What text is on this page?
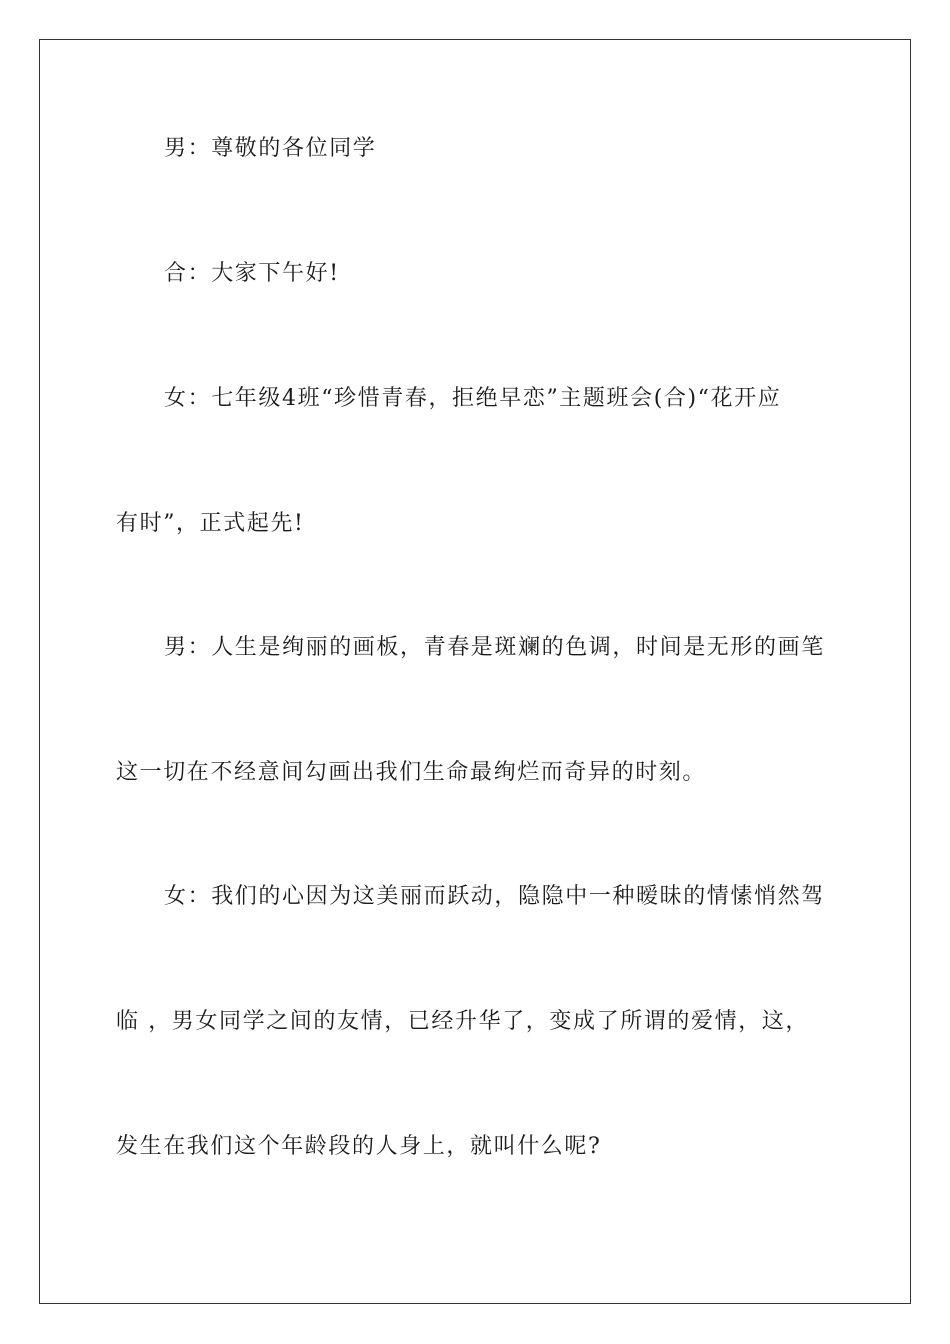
男：尊敬的各位同学
合：大家下午好!
女：七年级4班“珍惜青春，拒绝早恋”主题班会(合)“花开应
有时”，正式起先!
男：人生是绚丽的画板，青春是斑斓的色调，时间是无形的画笔
这一切在不经意间勾画出我们生命最绚烂而奇异的时刻。
女：我们的心因为这美丽而跃动，隐隐中一种暧昧的情愫悄然驾
临 ，男女同学之间的友情，已经升华了，变成了所谓的爱情，这，
发生在我们这个年龄段的人身上，就叫什么呢?
